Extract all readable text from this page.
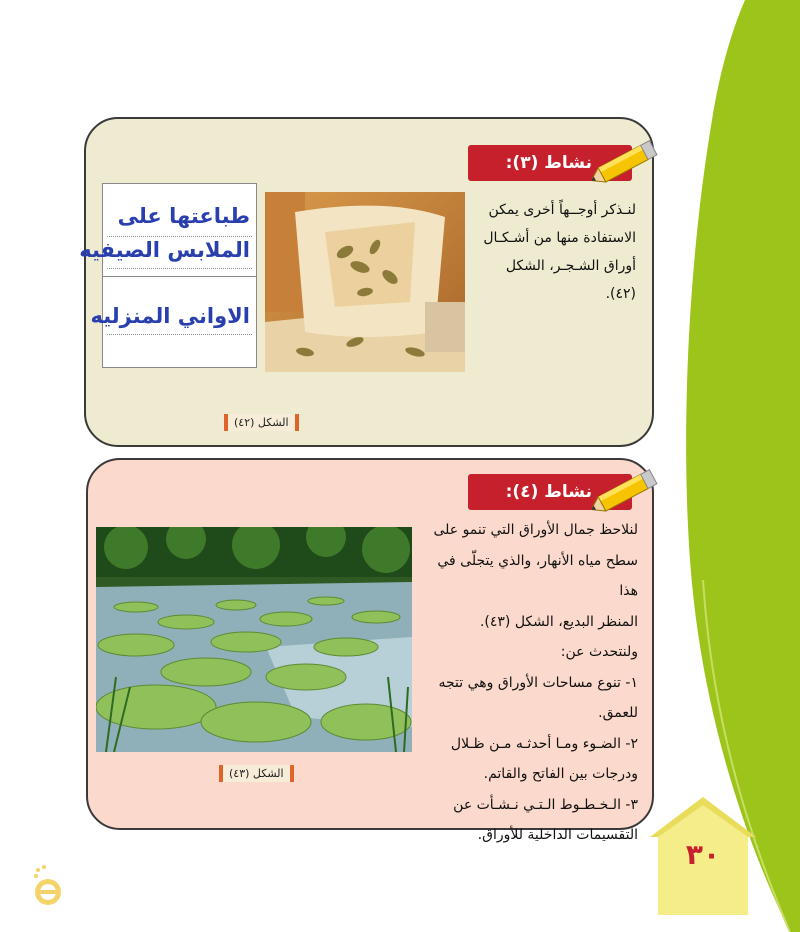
نشاط (٣):
لنـذكر أوجــهاً أخرى يمكن الاستفادة منها من أشـكـال أوراق الشـجـر، الشكل (٤٢).
طباعتها على
الملابس الصيفيه
الاواني المنزليه
الشكل (٤٢)
نشاط (٤):
لنلاحظ جمال الأوراق التي تنمو على
سطح مياه الأنهار، والذي يتجلّى في هذا
المنظر البديع، الشكل (٤٣).
ولنتحدث عن:
١- تنوع مساحات الأوراق وهي تتجه
للعمق.
٢- الضـوء ومـا أحدثـه مـن ظـلال
ودرجات بين الفاتح والقاتم.
٣- الـخـطـوط الـتـي نـشـأت عن
التقسيمات الداخلية للأوراق.
الشكل (٤٣)
٣٠
